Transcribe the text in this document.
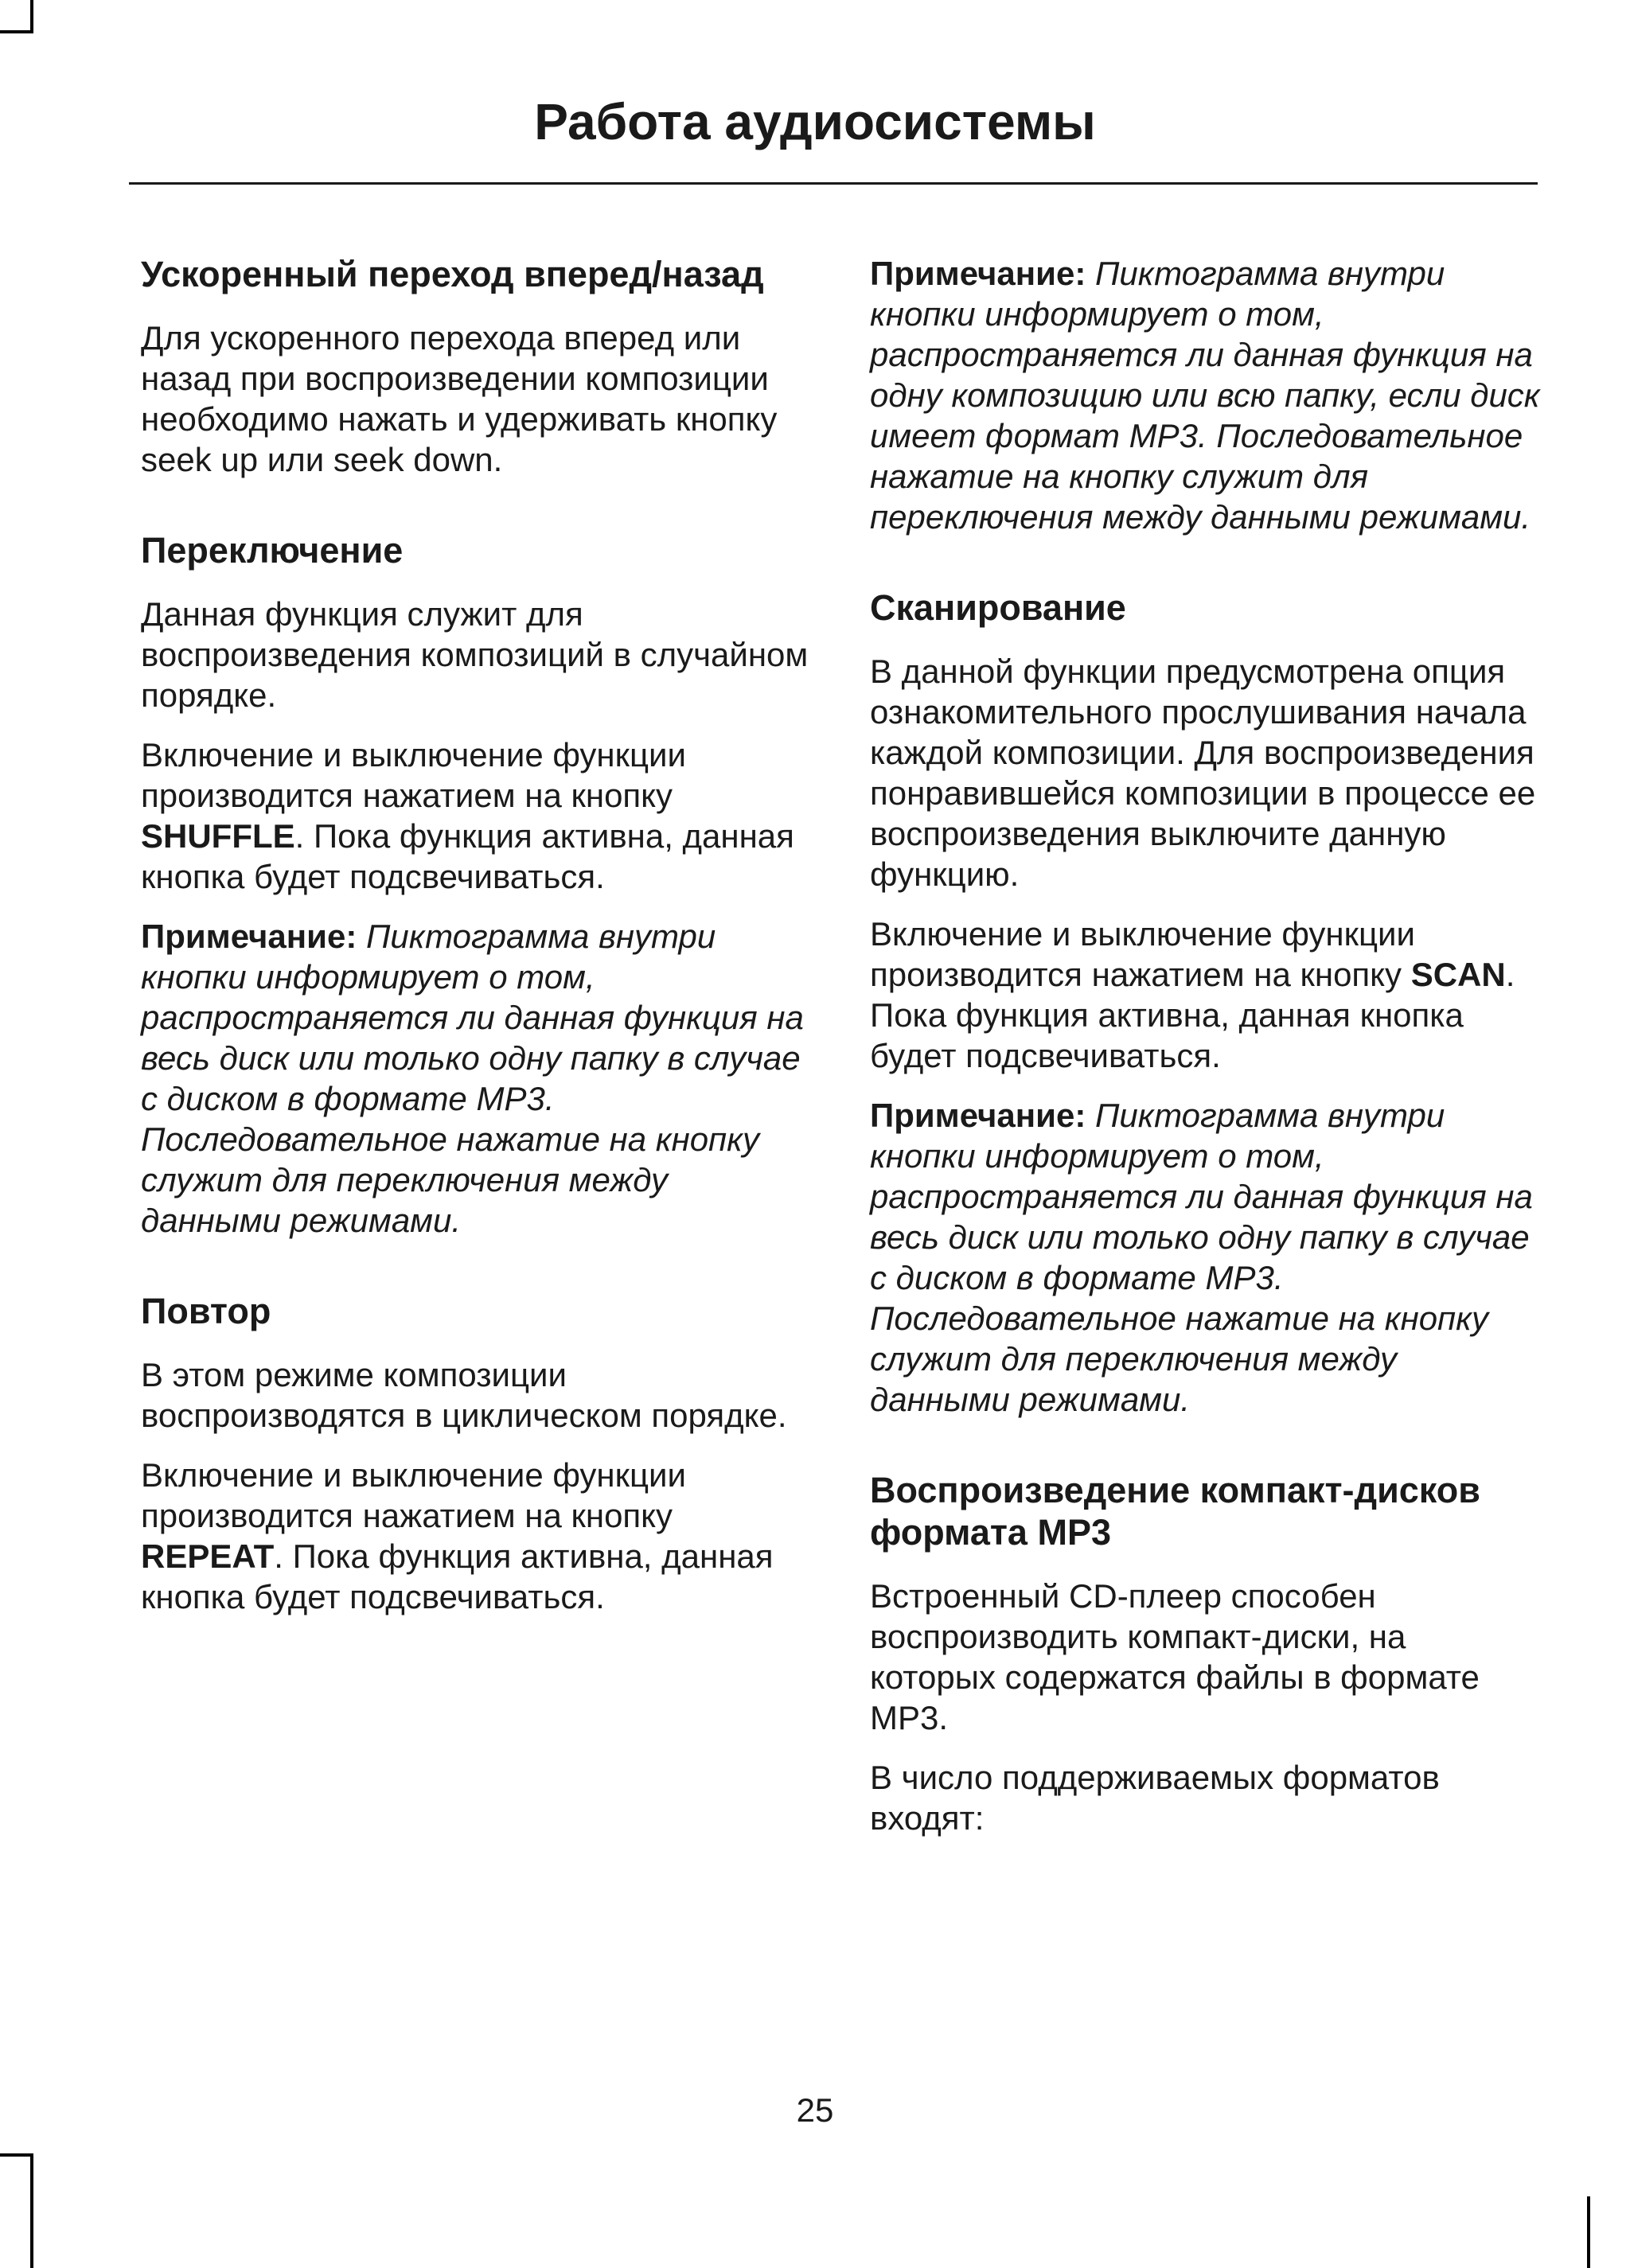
Работа аудиосистемы
Ускоренный переход вперед/назад

Для ускоренного перехода вперед или назад при воспроизведении композиции необходимо нажать и удерживать кнопку seek up или seek down.

Переключение

Данная функция служит для воспроизведения композиций в случайном порядке.

Включение и выключение функции производится нажатием на кнопку SHUFFLE. Пока функция активна, данная кнопка будет подсвечиваться.

Примечание: Пиктограмма внутри кнопки информирует о том, распространяется ли данная функция на весь диск или только одну папку в случае с диском в формате MP3. Последовательное нажатие на кнопку служит для переключения между данными режимами.

Повтор

В этом режиме композиции воспроизводятся в циклическом порядке.

Включение и выключение функции производится нажатием на кнопку REPEAT. Пока функция активна, данная кнопка будет подсвечиваться.

Примечание: Пиктограмма внутри кнопки информирует о том, распространяется ли данная функция на одну композицию или всю папку, если диск имеет формат MP3. Последовательное нажатие на кнопку служит для переключения между данными режимами.

Сканирование

В данной функции предусмотрена опция ознакомительного прослушивания начала каждой композиции. Для воспроизведения понравившейся композиции в процессе ее воспроизведения выключите данную функцию.

Включение и выключение функции производится нажатием на кнопку SCAN. Пока функция активна, данная кнопка будет подсвечиваться.

Примечание: Пиктограмма внутри кнопки информирует о том, распространяется ли данная функция на весь диск или только одну папку в случае с диском в формате MP3. Последовательное нажатие на кнопку служит для переключения между данными режимами.

Воспроизведение компакт-дисков формата MP3

Встроенный CD-плеер способен воспроизводить компакт-диски, на которых содержатся файлы в формате MP3.

В число поддерживаемых форматов входят:

25
